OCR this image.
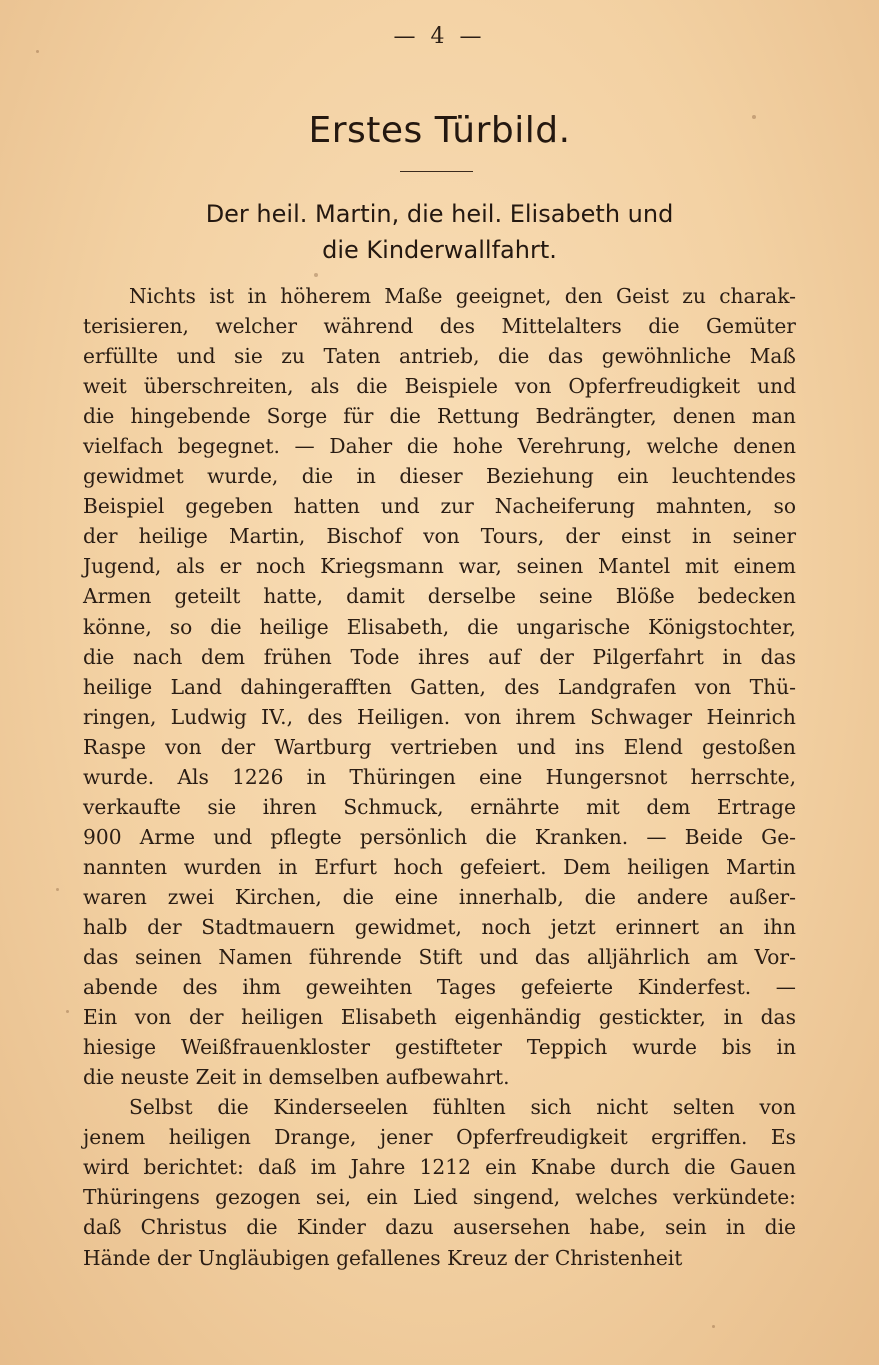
— 4 —
Erstes Türbild.
Der heil. Martin, die heil. Elisabeth und
die Kinderwallfahrt.
Nichts ist in höherem Maße geeignet, den Geist zu charak-
terisieren, welcher während des Mittelalters die Gemüter
erfüllte und sie zu Taten antrieb, die das gewöhnliche Maß
weit überschreiten, als die Beispiele von Opferfreudigkeit und
die hingebende Sorge für die Rettung Bedrängter, denen man
vielfach begegnet. — Daher die hohe Verehrung, welche denen
gewidmet wurde, die in dieser Beziehung ein leuchtendes
Beispiel gegeben hatten und zur Nacheiferung mahnten, so
der heilige Martin, Bischof von Tours, der einst in seiner
Jugend, als er noch Kriegsmann war, seinen Mantel mit einem
Armen geteilt hatte, damit derselbe seine Blöße bedecken
könne, so die heilige Elisabeth, die ungarische Königstochter,
die nach dem frühen Tode ihres auf der Pilgerfahrt in das
heilige Land dahingerafften Gatten, des Landgrafen von Thü-
ringen, Ludwig IV., des Heiligen. von ihrem Schwager Heinrich
Raspe von der Wartburg vertrieben und ins Elend gestoßen
wurde. Als 1226 in Thüringen eine Hungersnot herrschte,
verkaufte sie ihren Schmuck, ernährte mit dem Ertrage
900 Arme und pflegte persönlich die Kranken. — Beide Ge-
nannten wurden in Erfurt hoch gefeiert. Dem heiligen Martin
waren zwei Kirchen, die eine innerhalb, die andere außer-
halb der Stadtmauern gewidmet, noch jetzt erinnert an ihn
das seinen Namen führende Stift und das alljährlich am Vor-
abende des ihm geweihten Tages gefeierte Kinderfest. —
Ein von der heiligen Elisabeth eigenhändig gestickter, in das
hiesige Weißfrauenkloster gestifteter Teppich wurde bis in
die neuste Zeit in demselben aufbewahrt.
Selbst die Kinderseelen fühlten sich nicht selten von
jenem heiligen Drange, jener Opferfreudigkeit ergriffen. Es
wird berichtet: daß im Jahre 1212 ein Knabe durch die Gauen
Thüringens gezogen sei, ein Lied singend, welches verkündete:
daß Christus die Kinder dazu ausersehen habe, sein in die
Hände der Ungläubigen gefallenes Kreuz der Christenheit
